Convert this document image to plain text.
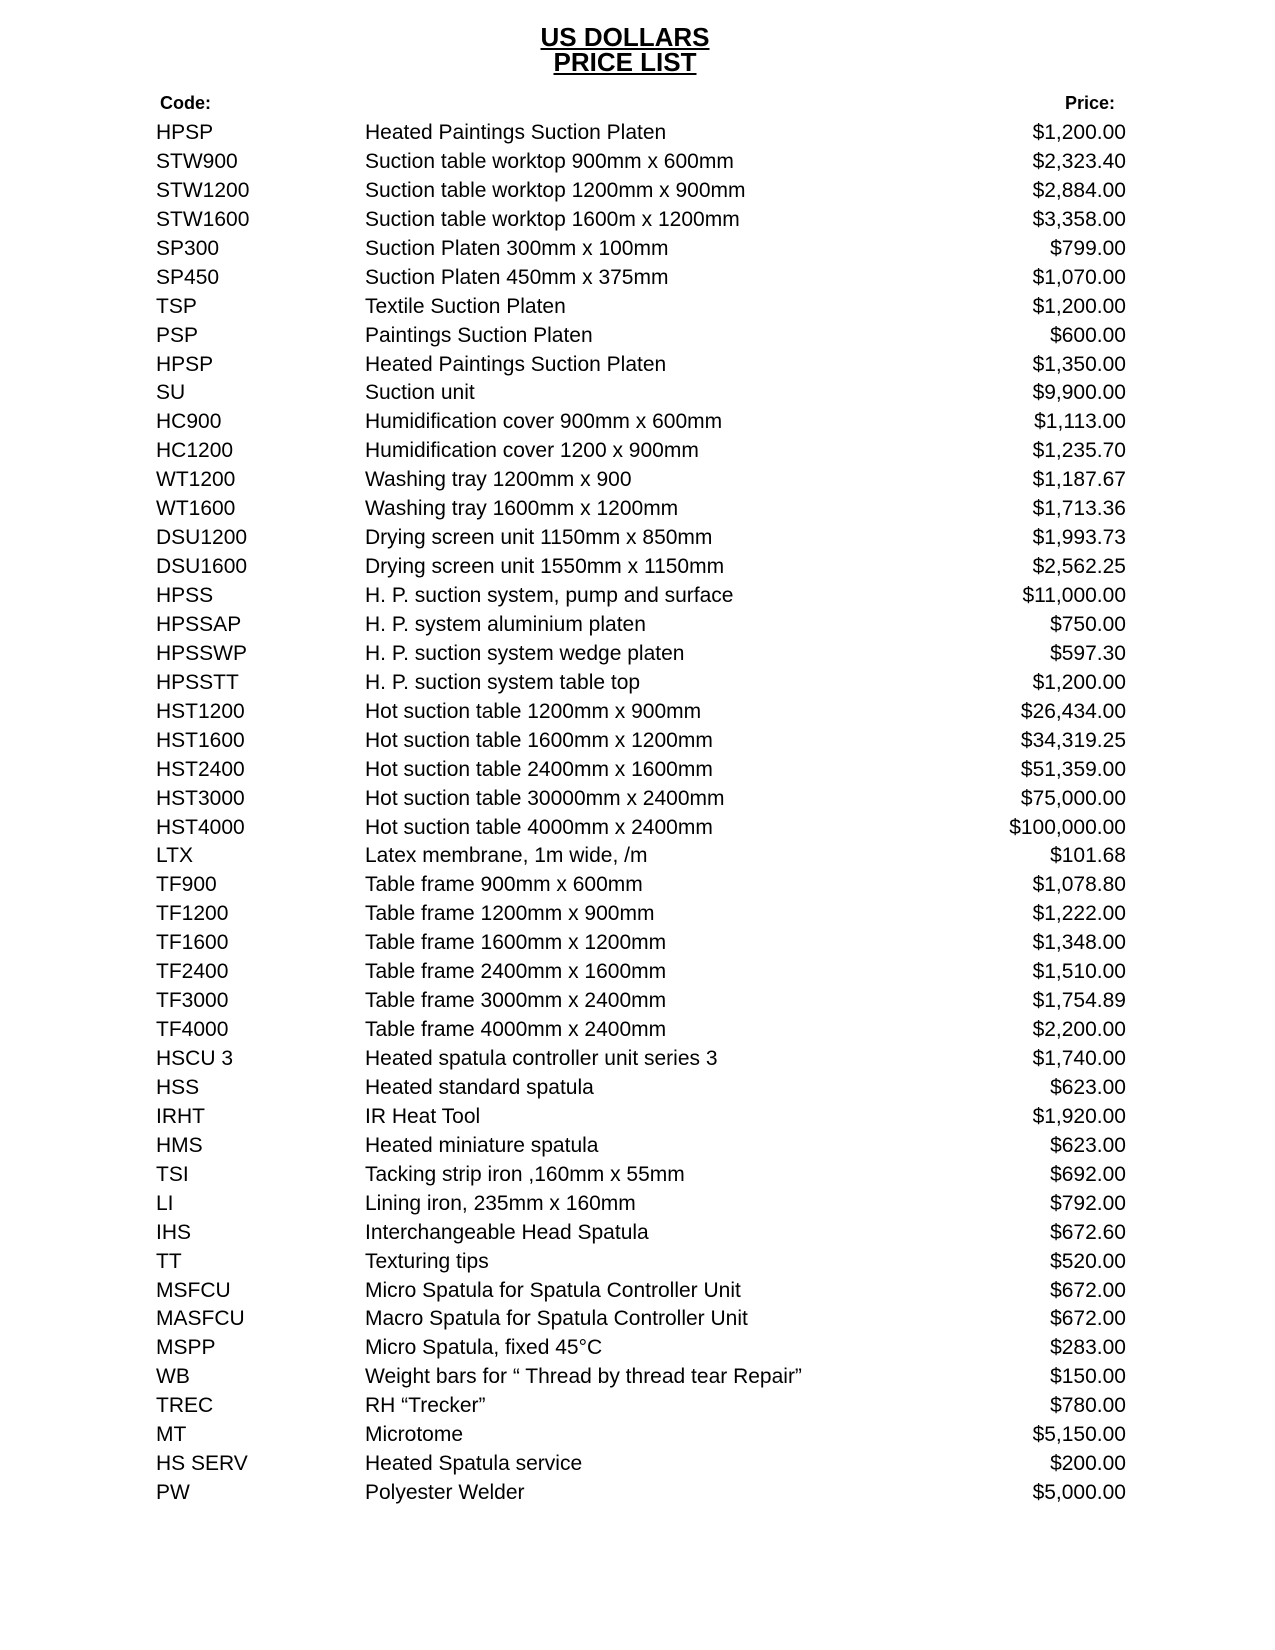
US DOLLARS
PRICE LIST
Code:	Price:
HPSP	Heated Paintings Suction Platen	$1,200.00
STW900	Suction table worktop 900mm x 600mm	$2,323.40
STW1200	Suction table worktop 1200mm x 900mm	$2,884.00
STW1600	Suction table worktop 1600m x 1200mm	$3,358.00
SP300	Suction Platen 300mm x 100mm	$799.00
SP450	Suction Platen 450mm x 375mm	$1,070.00
TSP	Textile Suction Platen	$1,200.00
PSP	Paintings Suction Platen	$600.00
HPSP	Heated Paintings Suction Platen	$1,350.00
SU	Suction unit	$9,900.00
HC900	Humidification cover 900mm x 600mm	$1,113.00
HC1200	Humidification cover 1200 x 900mm	$1,235.70
WT1200	Washing tray 1200mm x 900	$1,187.67
WT1600	Washing tray 1600mm x 1200mm	$1,713.36
DSU1200	Drying screen unit 1150mm x 850mm	$1,993.73
DSU1600	Drying screen unit 1550mm x 1150mm	$2,562.25
HPSS	H. P. suction system, pump and surface	$11,000.00
HPSSAP	H. P. system aluminium platen	$750.00
HPSSWP	H. P. suction system wedge platen	$597.30
HPSSTT	H. P. suction system table top	$1,200.00
HST1200	Hot suction table 1200mm x 900mm	$26,434.00
HST1600	Hot suction table 1600mm x 1200mm	$34,319.25
HST2400	Hot suction table 2400mm x 1600mm	$51,359.00
HST3000	Hot suction table 30000mm x 2400mm	$75,000.00
HST4000	Hot suction table 4000mm x 2400mm	$100,000.00
LTX	Latex membrane, 1m wide, /m	$101.68
TF900	Table frame 900mm x 600mm	$1,078.80
TF1200	Table frame 1200mm x 900mm	$1,222.00
TF1600	Table frame 1600mm x 1200mm	$1,348.00
TF2400	Table frame 2400mm x 1600mm	$1,510.00
TF3000	Table frame 3000mm x 2400mm	$1,754.89
TF4000	Table frame 4000mm x 2400mm	$2,200.00
HSCU 3	Heated spatula controller unit series 3	$1,740.00
HSS	Heated standard spatula	$623.00
IRHT	IR Heat Tool	$1,920.00
HMS	Heated miniature spatula	$623.00
TSI	Tacking strip iron ,160mm x 55mm	$692.00
LI	Lining iron, 235mm x 160mm	$792.00
IHS	Interchangeable Head Spatula	$672.60
TT	Texturing tips	$520.00
MSFCU	Micro Spatula for Spatula Controller Unit	$672.00
MASFCU	Macro Spatula for Spatula Controller Unit	$672.00
MSPP	Micro Spatula, fixed 45°C	$283.00
WB	Weight bars for “ Thread by thread tear Repair”	$150.00
TREC	RH “Trecker”	$780.00
MT	Microtome	$5,150.00
HS SERV	Heated Spatula service	$200.00
PW	Polyester Welder	$5,000.00
